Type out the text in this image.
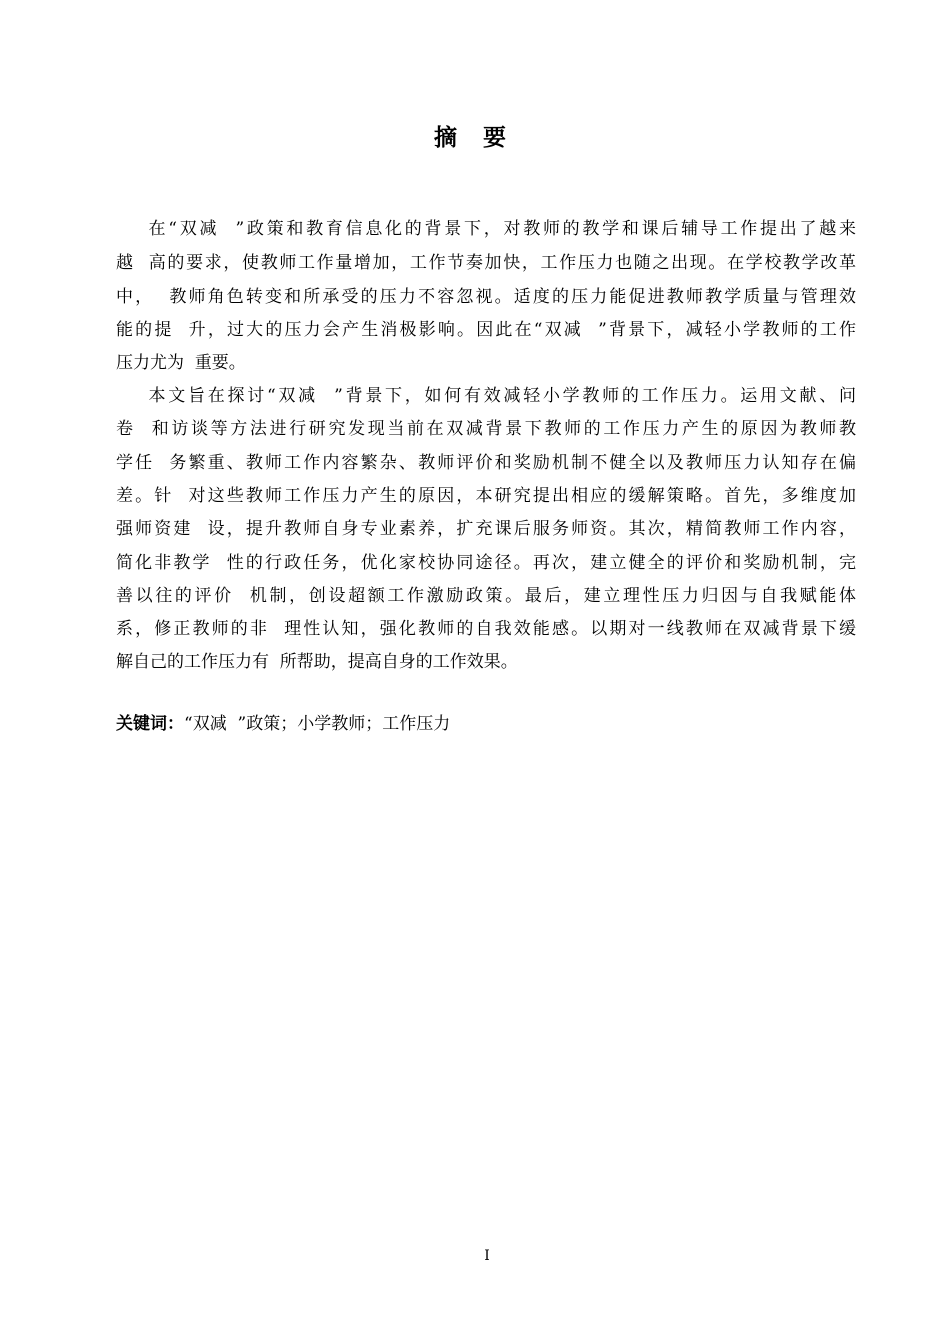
摘要
在“双减  ”政策和教育信息化的背景下，对教师的教学和课后辅导工作提出了越来
越  高的要求，使教师工作量增加，工作节奏加快，工作压力也随之出现。在学校教学改革
中，  教师角色转变和所承受的压力不容忽视。适度的压力能促进教师教学质量与管理效
能的提  升，过大的压力会产生消极影响。因此在“双减  ”背景下，减轻小学教师的工作
压力尤为  重要。
本文旨在探讨“双减  ”背景下，如何有效减轻小学教师的工作压力。运用文献、问
卷  和访谈等方法进行研究发现当前在双减背景下教师的工作压力产生的原因为教师教
学任  务繁重、教师工作内容繁杂、教师评价和奖励机制不健全以及教师压力认知存在偏
差。针  对这些教师工作压力产生的原因，本研究提出相应的缓解策略。首先，多维度加
强师资建  设，提升教师自身专业素养，扩充课后服务师资。其次，精简教师工作内容，
简化非教学  性的行政任务，优化家校协同途径。再次，建立健全的评价和奖励机制，完
善以往的评价  机制，创设超额工作激励政策。最后，建立理性压力归因与自我赋能体
系，修正教师的非  理性认知，强化教师的自我效能感。以期对一线教师在双减背景下缓
解自己的工作压力有  所帮助，提高自身的工作效果。
关键词：“双减  ”政策；小学教师；工作压力
I
